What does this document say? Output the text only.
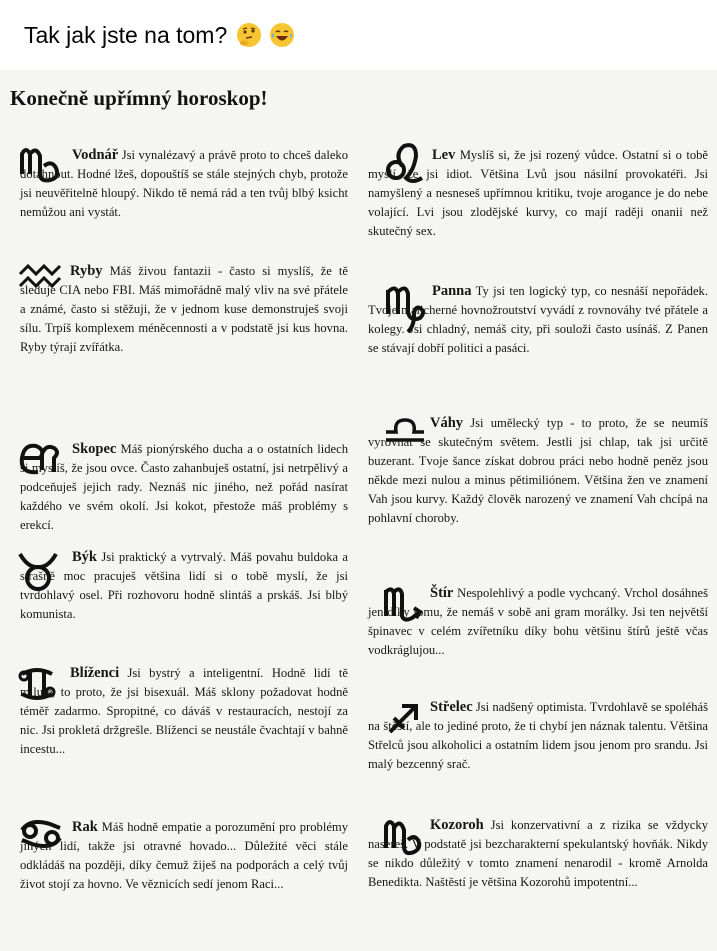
Tak jak jste na tom?

Konečně upřímný horoskop!
Vodnář Jsi vynalézavý a právě proto to chceš daleko dotáhnout. Hodné lžeš, dopouštíš se stále stejných chyb, protože jsi neuvěřitelně hloupý. Nikdo tě nemá rád a ten tvůj blbý ksicht nemůžou ani vystát.
Ryby Máš živou fantazii - často si myslíš, že tě sleduje CIA nebo FBI. Máš mimořádně malý vliv na své přátele a známé, často si stěžuji, že v jednom kuse demonstruješ svoji sílu. Trpíš komplexem méněcennosti a v podstatě jsi kus hovna. Ryby týrají zvířátka.
Skopec Máš pionýrského ducha a o ostatních lidech si myslíš, že jsou ovce. Často zahanbuješ ostatní, jsi netrpělivý a podceňuješ jejich rady. Neznáš nic jiného, než pořád nasírat každého ve svém okolí. Jsi kokot, přestože máš problémy s erekcí.
Býk Jsi praktický a vytrvalý. Máš povahu buldoka a strašně moc pracuješ většina lidí si o tobě myslí, že jsi tvrdohlavý osel. Při rozhovoru hodně slintáš a prskáš. Jsi blbý komunista.
Blíženci Jsi bystrý a inteligentní. Hodně lidí tě miluje, to proto, že jsi bisexuál. Máš sklony požadovat hodně téměř zadarmo. Spropitné, co dáváš v restauracích, nestojí za nic. Jsi prokletá držgrešle. Blíženci se neustále čvachtají v bahně incestu...
Rak Máš hodně empatie a porozumění pro problémy jiných lidí, takže jsi otravné hovado... Důležité věci stále odkládáš na později, díky čemuž žiješ na podporách a celý tvůj život stojí za hovno. Ve věznicích sedí jenom Raci...
Lev Myslíš si, že jsi rozený vůdce. Ostatní si o tobě myslí, že jsi idiot. Většina Lvů jsou násilní provokatéři. Jsi namyšlený a nesneseš upřímnou kritiku, tvoje arogance je do nebe volající. Lvi jsou zlodějské kurvy, co mají raději onanii než skutečný sex.
Panna Ty jsi ten logický typ, co nesnáší nepořádek. Tvoje malicherné hovnožroutství vyvádí z rovnováhy tvé přátele a kolegy. Jsi chladný, nemáš city, při souloži často usínáš. Z Panen se stávají dobří politici a pasáci.
Váhy Jsi umělecký typ - to proto, že se neumíš vyrovnat se skutečným světem. Jestli jsi chlap, tak jsi určitě buzerant. Tvoje šance získat dobrou práci nebo hodně peněz jsou někde mezi nulou a minus pětimiliónem. Většina žen ve znamení Vah jsou kurvy. Každý člověk narozený ve znamení Vah chcípá na pohlavní choroby.
Štír Nespolehlivý a podle vychcaný. Vrchol dosáhneš jen díky tomu, že nemáš v sobě ani gram morálky. Jsi ten největší špinavec v celém zvířetníku díky bohu většinu štírů ještě včas vodkráglujou...
Střelec Jsi nadšený optimista. Tvrdohlavě se spoléháš na štěstí, ale to jediné proto, že ti chybí jen náznak talentu. Většina Střelců jsou alkoholici a ostatním lidem jsou jenom pro srandu. Jsi malý bezcenný srač.
Kozoroh Jsi konzervativní a z rizika se vždycky nasereš. V podstatě jsi bezcharakterní spekulantský hovňák. Nikdy se nikdo důležitý v tomto znamení nenarodil - kromě Arnolda Benedikta. Naštěstí je většina Kozorohů impotentní...
